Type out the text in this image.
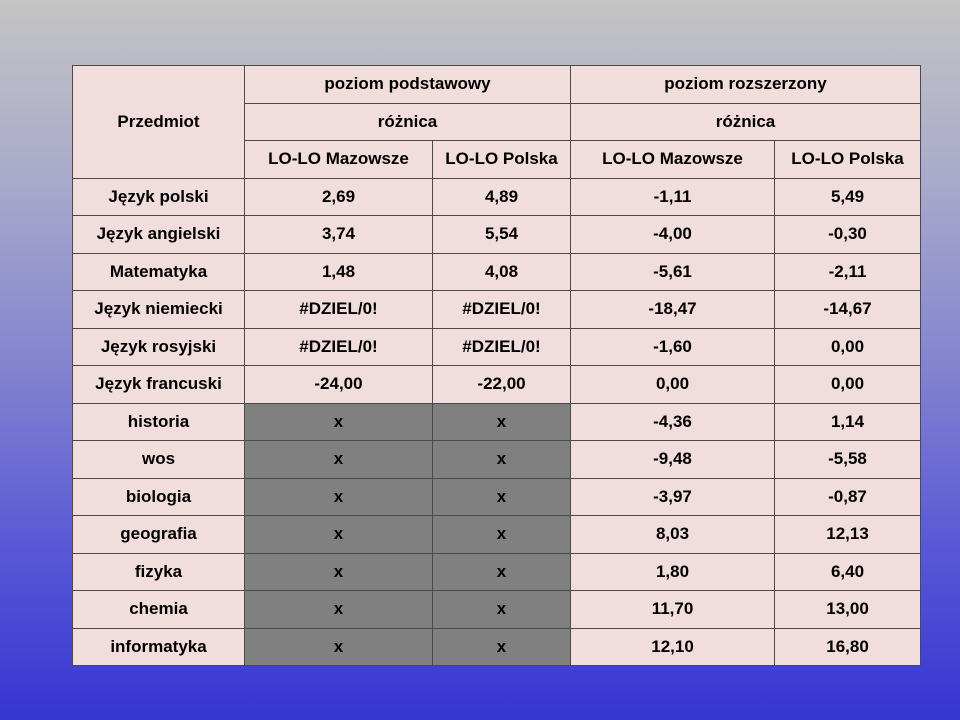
Przedmiot	poziom podstawowy		poziom rozszerzony	
	różnica		różnica	
	LO-LO Mazowsze	LO-LO Polska	LO-LO Mazowsze	LO-LO Polska
Język polski	2,69	4,89	-1,11	5,49
Język angielski	3,74	5,54	-4,00	-0,30
Matematyka	1,48	4,08	-5,61	-2,11
Język niemiecki	#DZIEL/0!	#DZIEL/0!	-18,47	-14,67
Język rosyjski	#DZIEL/0!	#DZIEL/0!	-1,60	0,00
Język francuski	-24,00	-22,00	0,00	0,00
historia	x	x	-4,36	1,14
wos	x	x	-9,48	-5,58
biologia	x	x	-3,97	-0,87
geografia	x	x	8,03	12,13
fizyka	x	x	1,80	6,40
chemia	x	x	11,70	13,00
informatyka	x	x	12,10	16,80
